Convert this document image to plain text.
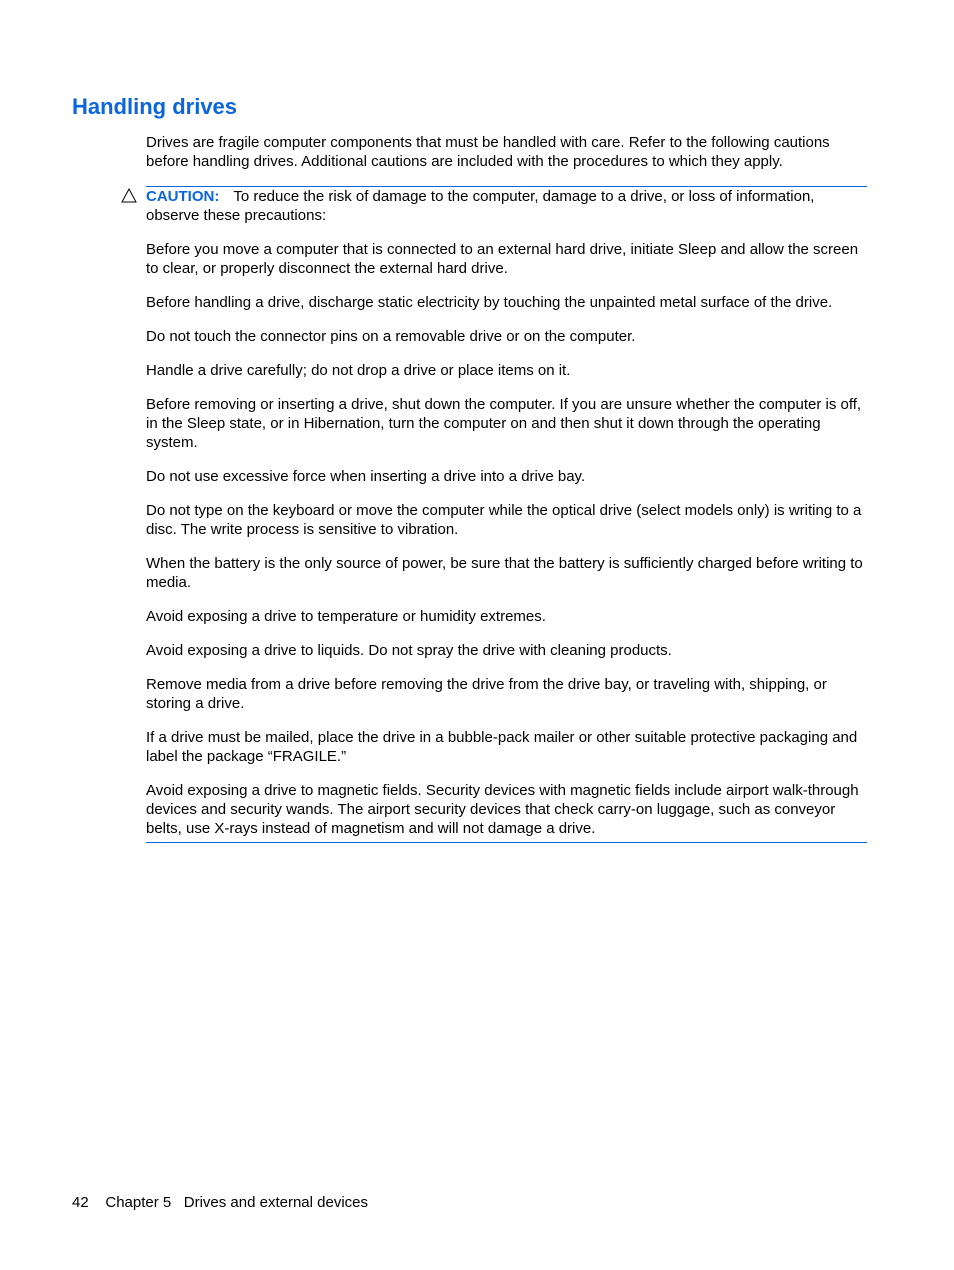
Handling drives

Drives are fragile computer components that must be handled with care. Refer to the following cautions before handling drives. Additional cautions are included with the procedures to which they apply.

CAUTION: To reduce the risk of damage to the computer, damage to a drive, or loss of information, observe these precautions:

Before you move a computer that is connected to an external hard drive, initiate Sleep and allow the screen to clear, or properly disconnect the external hard drive.

Before handling a drive, discharge static electricity by touching the unpainted metal surface of the drive.

Do not touch the connector pins on a removable drive or on the computer.

Handle a drive carefully; do not drop a drive or place items on it.

Before removing or inserting a drive, shut down the computer. If you are unsure whether the computer is off, in the Sleep state, or in Hibernation, turn the computer on and then shut it down through the operating system.

Do not use excessive force when inserting a drive into a drive bay.

Do not type on the keyboard or move the computer while the optical drive (select models only) is writing to a disc. The write process is sensitive to vibration.

When the battery is the only source of power, be sure that the battery is sufficiently charged before writing to media.

Avoid exposing a drive to temperature or humidity extremes.

Avoid exposing a drive to liquids. Do not spray the drive with cleaning products.

Remove media from a drive before removing the drive from the drive bay, or traveling with, shipping, or storing a drive.

If a drive must be mailed, place the drive in a bubble-pack mailer or other suitable protective packaging and label the package “FRAGILE.”

Avoid exposing a drive to magnetic fields. Security devices with magnetic fields include airport walk-through devices and security wands. The airport security devices that check carry-on luggage, such as conveyor belts, use X-rays instead of magnetism and will not damage a drive.

42 Chapter 5 Drives and external devices
